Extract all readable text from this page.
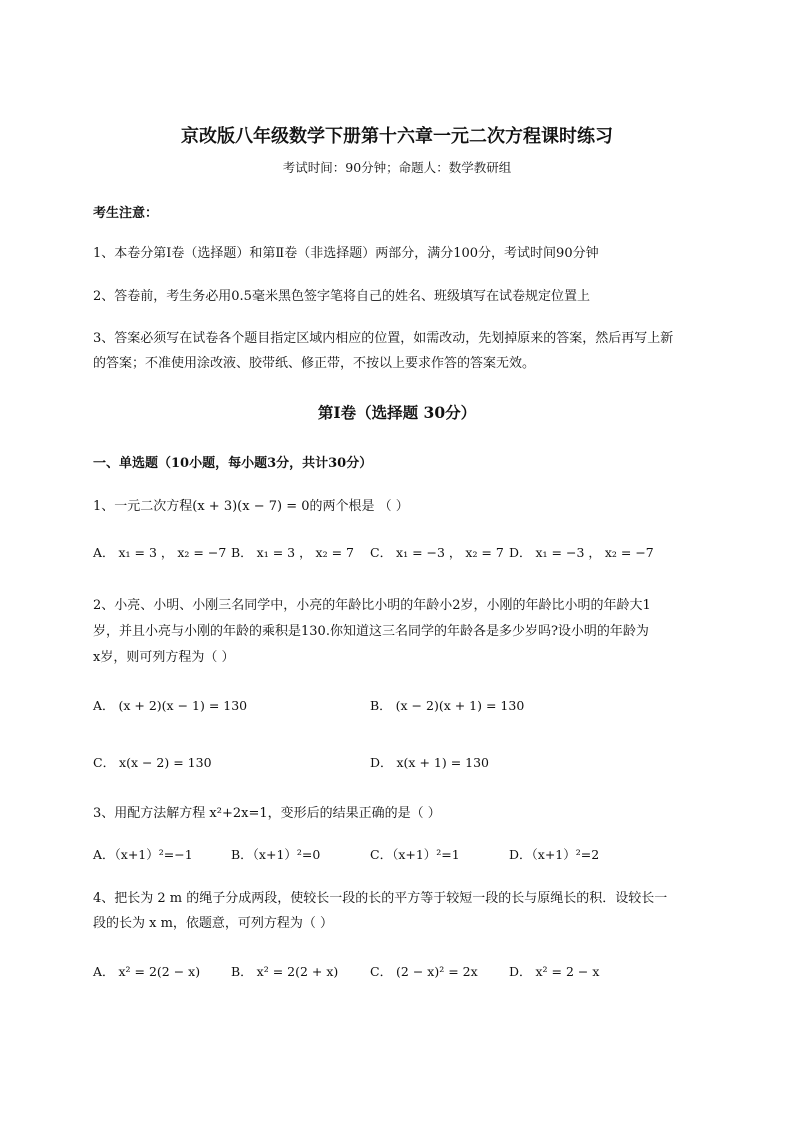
京改版八年级数学下册第十六章一元二次方程课时练习
考试时间：90分钟；命题人：数学教研组
考生注意：
1、本卷分第Ⅰ卷（选择题）和第Ⅱ卷（非选择题）两部分，满分100分，考试时间90分钟
2、答卷前，考生务必用0.5毫米黑色签字笔将自己的姓名、班级填写在试卷规定位置上
3、答案必须写在试卷各个题目指定区域内相应的位置，如需改动，先划掉原来的答案，然后再写上新
的答案；不准使用涂改液、胶带纸、修正带，不按以上要求作答的答案无效。
第Ⅰ卷（选择题 30分）
一、单选题（10小题，每小题3分，共计30分）
1、一元二次方程(x + 3)(x − 7) = 0的两个根是 （ ）
A． x₁ = 3 ， x₂ = −7 B． x₁ = 3 ， x₂ = 7 C． x₁ = −3 ， x₂ = 7 D． x₁ = −3 ， x₂ = −7
2、小亮、小明、小刚三名同学中，小亮的年龄比小明的年龄小2岁，小刚的年龄比小明的年龄大1
岁，并且小亮与小刚的年龄的乘积是130.你知道这三名同学的年龄各是多少岁吗?设小明的年龄为
x岁，则可列方程为（ ）
A． (x + 2)(x − 1) = 130	B． (x − 2)(x + 1) = 130
C． x(x − 2) = 130	D． x(x + 1) = 130
3、用配方法解方程 x²+2x=1，变形后的结果正确的是（ ）
A．（x+1）²=−1	B．（x+1）²=0	C．（x+1）²=1	D．（x+1）²=2
4、把长为 2 m 的绳子分成两段，使较长一段的长的平方等于较短一段的长与原绳长的积．设较长一
段的长为 x m，依题意，可列方程为（ ）
A． x² = 2(2 − x) B． x² = 2(2 + x)	C． (2 − x)² = 2x	D． x² = 2 − x
